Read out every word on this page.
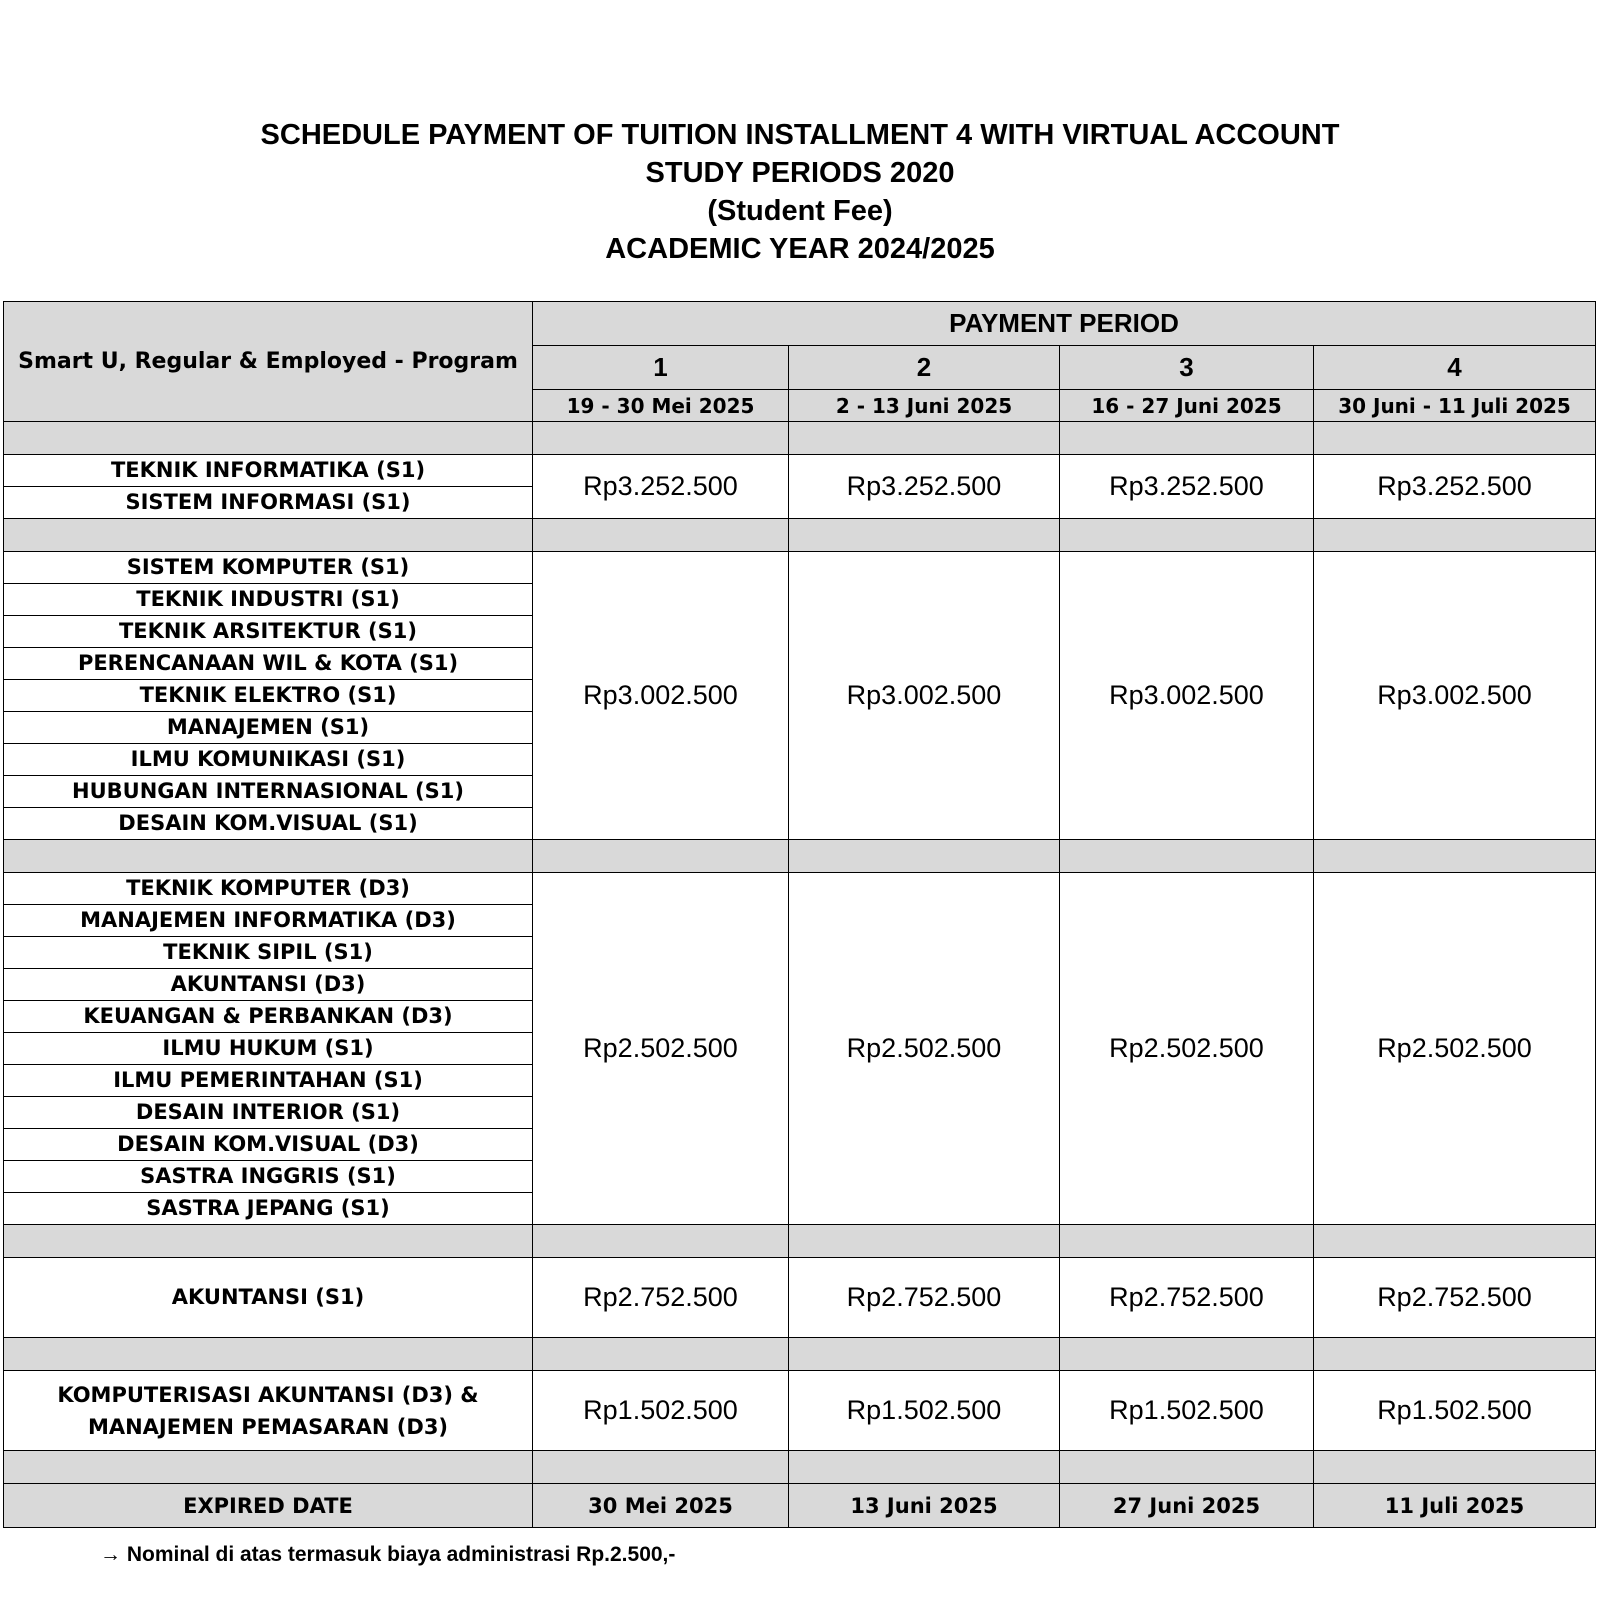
SCHEDULE PAYMENT OF TUITION INSTALLMENT 4 WITH VIRTUAL ACCOUNT
STUDY PERIODS 2020
(Student Fee)
ACADEMIC YEAR 2024/2025
Smart U, Regular & Employed - Program	PAYMENT PERIOD			
	1	2	3	4
	19 - 30 Mei 2025	2 - 13 Juni 2025	16 - 27 Juni 2025	30 Juni - 11 Juli 2025

TEKNIK INFORMATIKA (S1)	Rp3.252.500	Rp3.252.500	Rp3.252.500	Rp3.252.500
SISTEM INFORMASI (S1)				

SISTEM KOMPUTER (S1)	Rp3.002.500	Rp3.002.500	Rp3.002.500	Rp3.002.500
TEKNIK INDUSTRI (S1)				
TEKNIK ARSITEKTUR (S1)				
PERENCANAAN WIL & KOTA (S1)				
TEKNIK ELEKTRO (S1)				
MANAJEMEN (S1)				
ILMU KOMUNIKASI (S1)				
HUBUNGAN INTERNASIONAL (S1)				
DESAIN KOM.VISUAL (S1)				

TEKNIK KOMPUTER (D3)	Rp2.502.500	Rp2.502.500	Rp2.502.500	Rp2.502.500
MANAJEMEN INFORMATIKA (D3)				
TEKNIK SIPIL (S1)				
AKUNTANSI (D3)				
KEUANGAN & PERBANKAN (D3)				
ILMU HUKUM (S1)				
ILMU PEMERINTAHAN (S1)				
DESAIN INTERIOR (S1)				
DESAIN KOM.VISUAL (D3)				
SASTRA INGGRIS (S1)				
SASTRA JEPANG (S1)				

AKUNTANSI (S1)	Rp2.752.500	Rp2.752.500	Rp2.752.500	Rp2.752.500

KOMPUTERISASI AKUNTANSI (D3) &
MANAJEMEN PEMASARAN (D3)	Rp1.502.500	Rp1.502.500	Rp1.502.500	Rp1.502.500

EXPIRED DATE	30 Mei 2025	13 Juni 2025	27 Juni 2025	11 Juli 2025
→ Nominal di atas termasuk biaya administrasi Rp.2.500,-
